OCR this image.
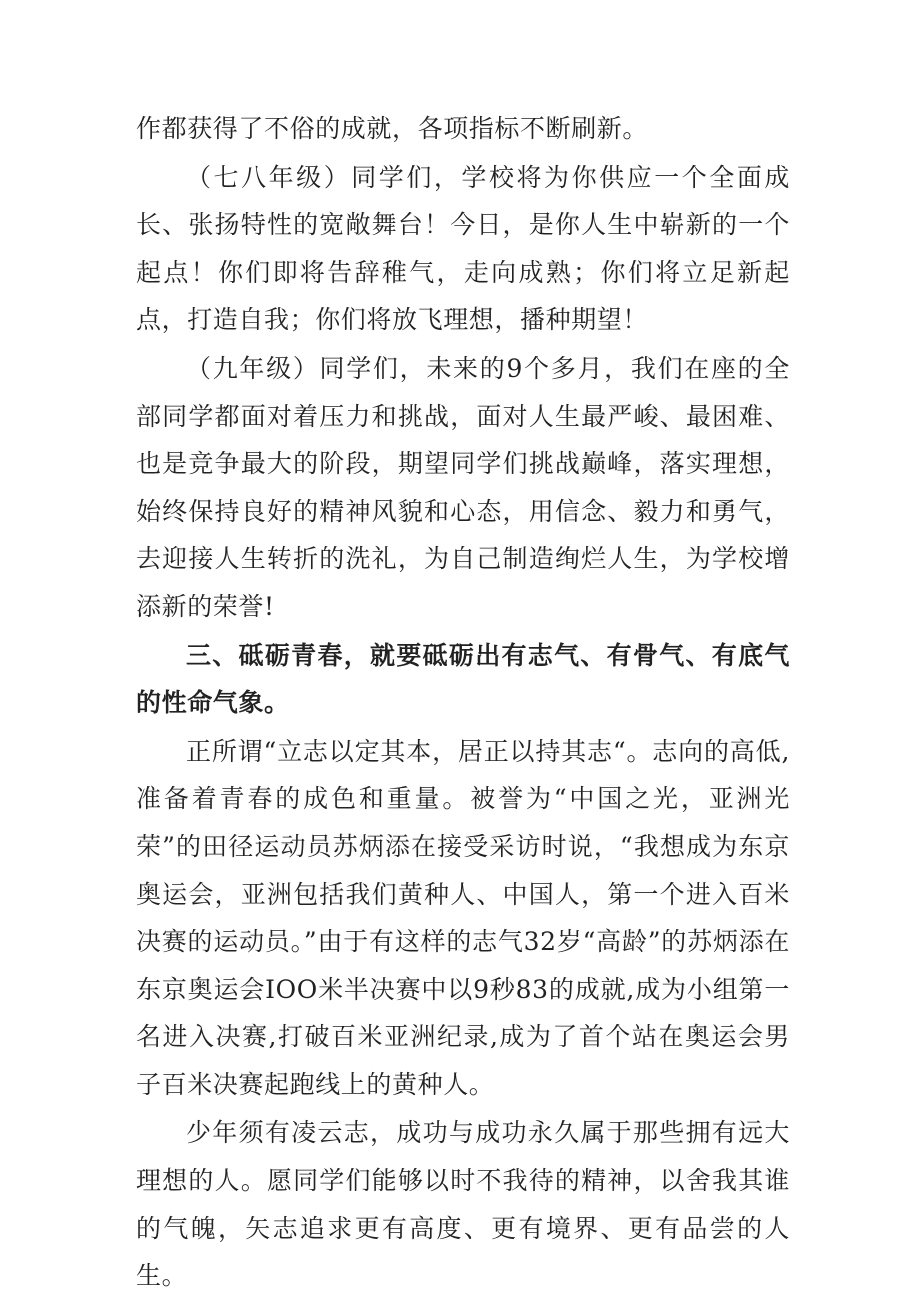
作都获得了不俗的成就，各项指标不断刷新。

（七八年级）同学们，学校将为你供应一个全面成长、张扬特性的宽敞舞台！今日，是你人生中崭新的一个起点！你们即将告辞稚气，走向成熟；你们将立足新起点，打造自我；你们将放飞理想，播种期望！

（九年级）同学们，未来的9个多月，我们在座的全部同学都面对着压力和挑战，面对人生最严峻、最困难、也是竞争最大的阶段，期望同学们挑战巅峰，落实理想，始终保持良好的精神风貌和心态，用信念、毅力和勇气，去迎接人生转折的洗礼，为自己制造绚烂人生，为学校增添新的荣誉!

三、砥砺青春，就要砥砺出有志气、有骨气、有底气的性命气象。

正所谓“立志以定其本，居正以持其志“。志向的高低,准备着青春的成色和重量。被誉为“中国之光，亚洲光荣”的田径运动员苏炳添在接受采访时说，“我想成为东京奥运会，亚洲包括我们黄种人、中国人，第一个进入百米决赛的运动员。”由于有这样的志气32岁“高龄”的苏炳添在东京奥运会IOO米半决赛中以9秒83的成就,成为小组第一名进入决赛,打破百米亚洲纪录,成为了首个站在奥运会男子百米决赛起跑线上的黄种人。

少年须有凌云志，成功与成功永久属于那些拥有远大理想的人。愿同学们能够以时不我待的精神，以舍我其谁的气魄，矢志追求更有高度、更有境界、更有品尝的人生。
